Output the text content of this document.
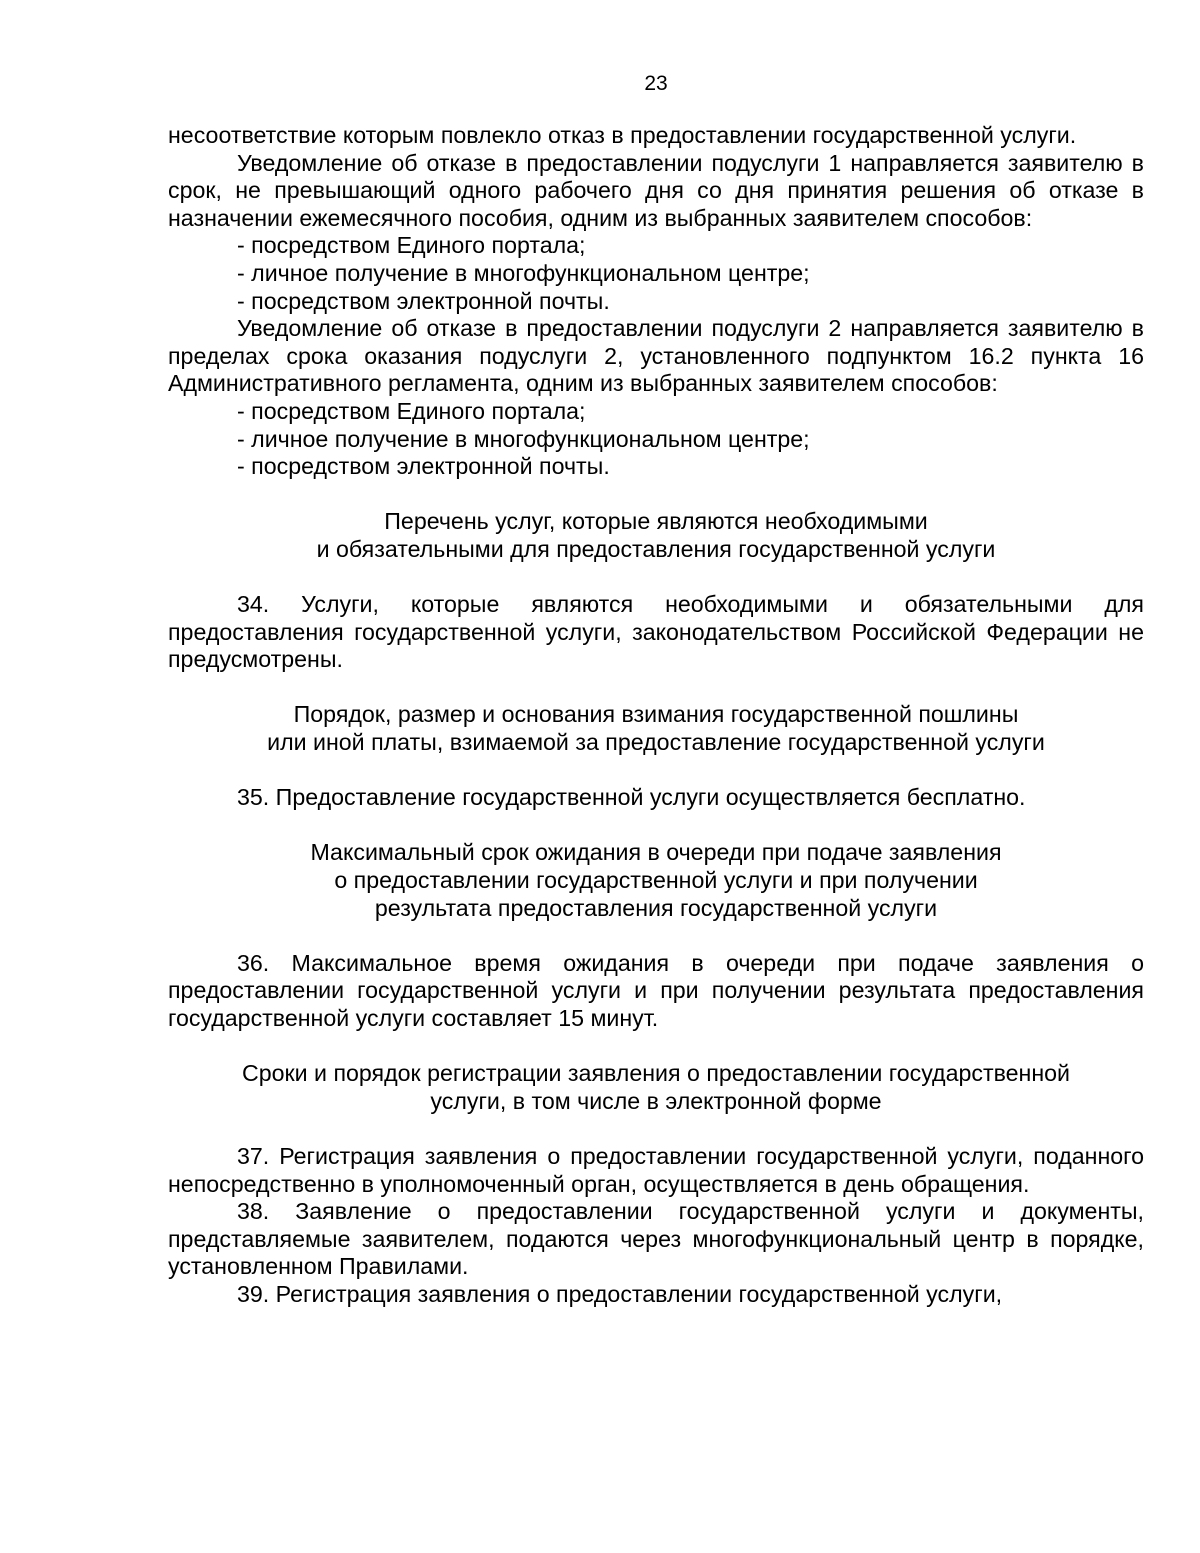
23

несоответствие которым повлекло отказ в предоставлении государственной услуги.

Уведомление об отказе в предоставлении подуслуги 1 направляется заявителю в срок, не превышающий одного рабочего дня со дня принятия решения об отказе в назначении ежемесячного пособия, одним из выбранных заявителем способов:

- посредством Единого портала;

- личное получение в многофункциональном центре;

- посредством электронной почты.

Уведомление об отказе в предоставлении подуслуги 2 направляется заявителю в пределах срока оказания подуслуги 2, установленного подпунктом 16.2 пункта 16 Административного регламента, одним из выбранных заявителем способов:

- посредством Единого портала;

- личное получение в многофункциональном центре;

- посредством электронной почты.

Перечень услуг, которые являются необходимыми

и обязательными для предоставления государственной услуги

34. Услуги, которые являются необходимыми и обязательными для предоставления государственной услуги, законодательством Российской Федерации не предусмотрены.

Порядок, размер и основания взимания государственной пошлины

или иной платы, взимаемой за предоставление государственной услуги

35. Предоставление государственной услуги осуществляется бесплатно.

Максимальный срок ожидания в очереди при подаче заявления

о предоставлении государственной услуги и при получении

результата предоставления государственной услуги

36. Максимальное время ожидания в очереди при подаче заявления о предоставлении государственной услуги и при получении результата предоставления государственной услуги составляет 15 минут.

Сроки и порядок регистрации заявления о предоставлении государственной

услуги, в том числе в электронной форме

37. Регистрация заявления о предоставлении государственной услуги, поданного непосредственно в уполномоченный орган, осуществляется в день обращения.

38. Заявление о предоставлении государственной услуги и документы, представляемые заявителем, подаются через многофункциональный центр в порядке, установленном Правилами.

39. Регистрация заявления о предоставлении государственной услуги,
